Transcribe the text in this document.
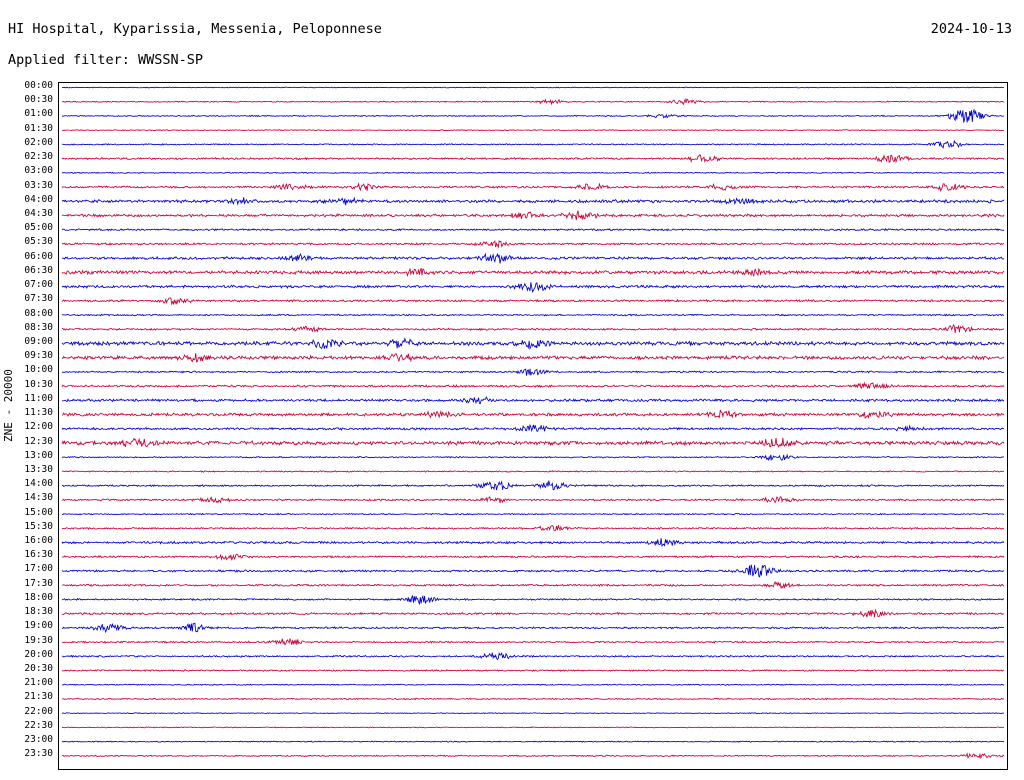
HI Hospital, Kyparissia, Messenia, Peloponnese	2024-10-13
Applied filter: WWSSN-SP
ZNE - 20000
00:00
00:30
01:00
01:30
02:00
02:30
03:00
03:30
04:00
04:30
05:00
05:30
06:00
06:30
07:00
07:30
08:00
08:30
09:00
09:30
10:00
10:30
11:00
11:30
12:00
12:30
13:00
13:30
14:00
14:30
15:00
15:30
16:00
16:30
17:00
17:30
18:00
18:30
19:00
19:30
20:00
20:30
21:00
21:30
22:00
22:30
23:00
23:30
